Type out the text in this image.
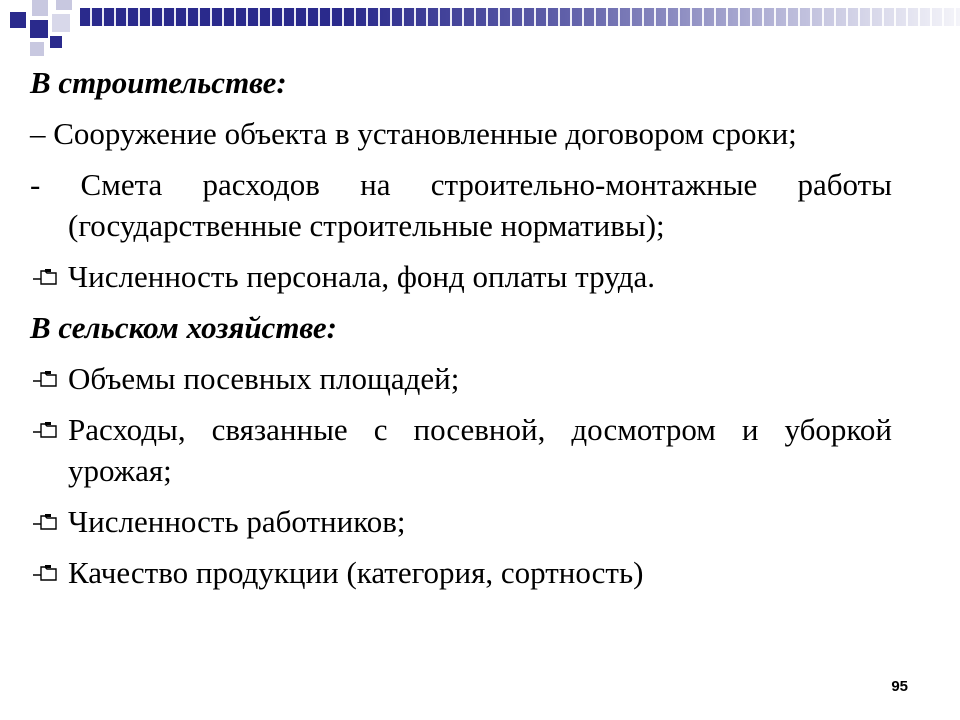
В строительстве:

– Сооружение объекта в установленные договором сроки;

- Смета расходов на строительно-монтажные работы (государственные строительные нормативы);

Численность персонала, фонд оплаты труда.

В сельском хозяйстве:

Объемы посевных площадей;
Расходы, связанные с посевной, досмотром и уборкой урожая;
Численность работников;
Качество продукции (категория, сортность)
95
